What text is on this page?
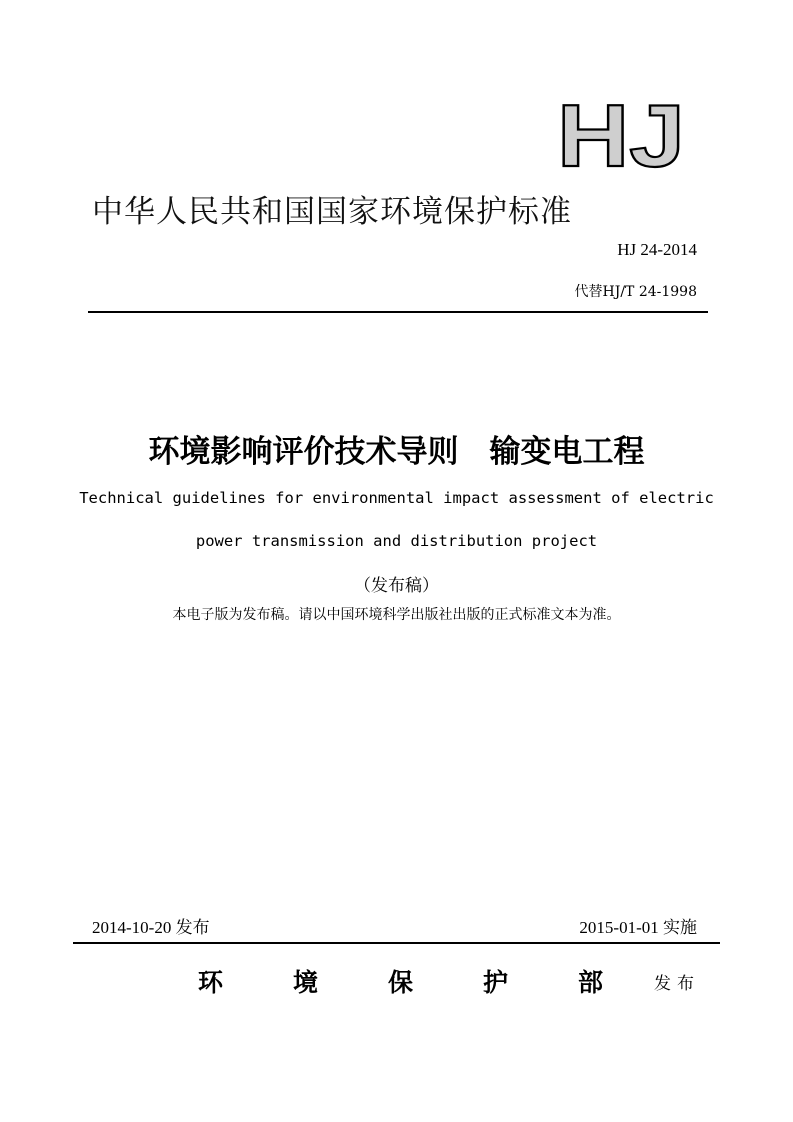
HJ
中华人民共和国国家环境保护标准
HJ 24-2014
代替HJ/T 24-1998
环境影响评价技术导则　输变电工程
Technical guidelines for environmental impact assessment of electric
power transmission and distribution project
（发布稿）
本电子版为发布稿。请以中国环境科学出版社出版的正式标准文本为准。
2014-10-20 发布	2015-01-01 实施
环	境	保	护	部	发布
